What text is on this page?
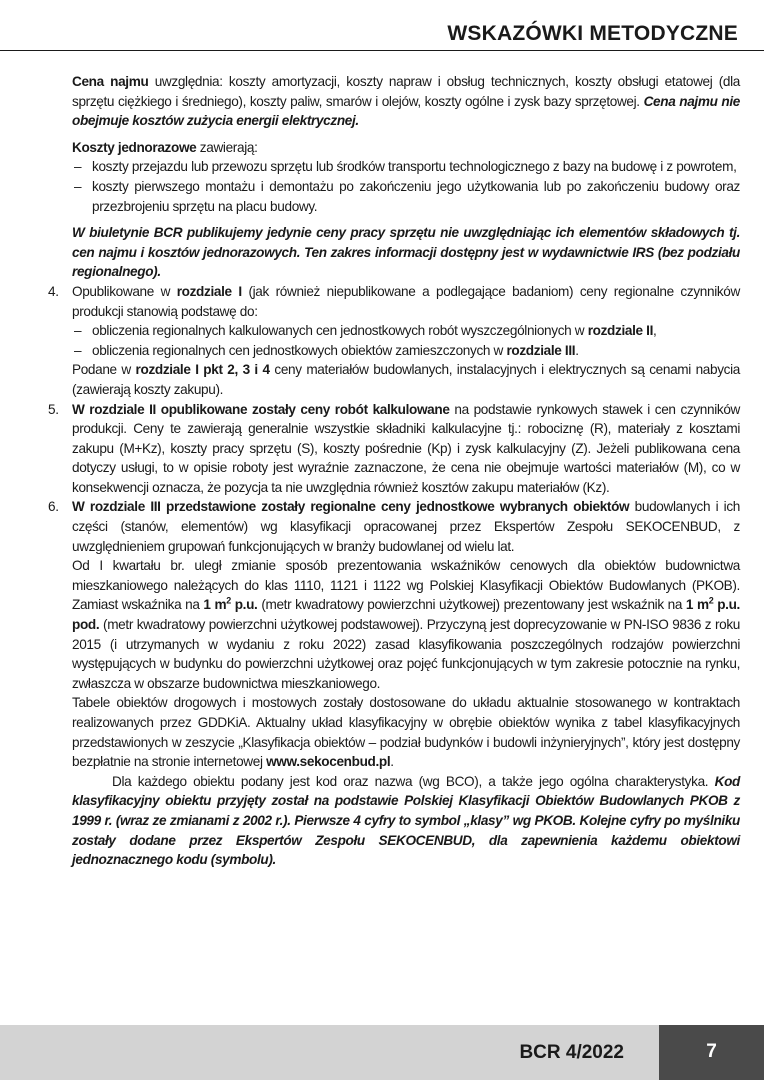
WSKAZÓWKI METODYCZNE

Cena najmu uwzględnia: koszty amortyzacji, koszty napraw i obsług technicznych, koszty obsługi etatowej (dla sprzętu ciężkiego i średniego), koszty paliw, smarów i olejów, koszty ogólne i zysk bazy sprzętowej. Cena najmu nie obejmuje kosztów zużycia energii elektrycznej.

Koszty jednorazowe zawierają:

– koszty przejazdu lub przewozu sprzętu lub środków transportu technologicznego z bazy na budowę i z powrotem,

– koszty pierwszego montażu i demontażu po zakończeniu jego użytkowania lub po zakończeniu budowy oraz przezbrojeniu sprzętu na placu budowy.

W biuletynie BCR publikujemy jedynie ceny pracy sprzętu nie uwzględniając ich elementów składowych tj. cen najmu i kosztów jednorazowych. Ten zakres informacji dostępny jest w wydawnictwie IRS (bez podziału regionalnego).

4. Opublikowane w rozdziale I (jak również niepublikowane a podlegające badaniom) ceny regionalne czynników produkcji stanowią podstawę do:

– obliczenia regionalnych kalkulowanych cen jednostkowych robót wyszczególnionych w rozdziale II,

– obliczenia regionalnych cen jednostkowych obiektów zamieszczonych w rozdziale III.

Podane w rozdziale I pkt 2, 3 i 4 ceny materiałów budowlanych, instalacyjnych i elektrycznych są cenami nabycia (zawierają koszty zakupu).

5. W rozdziale II opublikowane zostały ceny robót kalkulowane na podstawie rynkowych stawek i cen czynników produkcji. Ceny te zawierają generalnie wszystkie składniki kalkulacyjne tj.: robociznę (R), materiały z kosztami zakupu (M+Kz), koszty pracy sprzętu (S), koszty pośrednie (Kp) i zysk kalkulacyjny (Z). Jeżeli publikowana cena dotyczy usługi, to w opisie roboty jest wyraźnie zaznaczone, że cena nie obejmuje wartości materiałów (M), co w konsekwencji oznacza, że pozycja ta nie uwzględnia również kosztów zakupu materiałów (Kz).

6. W rozdziale III przedstawione zostały regionalne ceny jednostkowe wybranych obiektów budowlanych i ich części (stanów, elementów) wg klasyfikacji opracowanej przez Ekspertów Zespołu SEKOCENBUD, z uwzględnieniem grupowań funkcjonujących w branży budowlanej od wielu lat.

Od I kwartału br. uległ zmianie sposób prezentowania wskaźników cenowych dla obiektów budownictwa mieszkaniowego należących do klas 1110, 1121 i 1122 wg Polskiej Klasyfikacji Obiektów Budowlanych (PKOB). Zamiast wskaźnika na 1 $m^2$ p.u. (metr kwadratowy powierzchni użytkowej) prezentowany jest wskaźnik na 1 $m^2$ p.u. pod. (metr kwadratowy powierzchni użytkowej podstawowej). Przyczyną jest doprecyzowanie w PN-ISO 9836 z roku 2015 (i utrzymanych w wydaniu z roku 2022) zasad klasyfikowania poszczególnych rodzajów powierzchni występujących w budynku do powierzchni użytkowej oraz pojęć funkcjonujących w tym zakresie potocznie na rynku, zwłaszcza w obszarze budownictwa mieszkaniowego.

Tabele obiektów drogowych i mostowych zostały dostosowane do układu aktualnie stosowanego w kontraktach realizowanych przez GDDKiA. Aktualny układ klasyfikacyjny w obrębie obiektów wynika z tabel klasyfikacyjnych przedstawionych w zeszycie „Klasyfikacja obiektów – podział budynków i budowli inżynieryjnych”, który jest dostępny bezpłatnie na stronie internetowej www.sekocenbud.pl.

Dla każdego obiektu podany jest kod oraz nazwa (wg BCO), a także jego ogólna charakterystyka. Kod klasyfikacyjny obiektu przyjęty został na podstawie Polskiej Klasyfikacji Obiektów Budowlanych PKOB z 1999 r. (wraz ze zmianami z 2002 r.). Pierwsze 4 cyfry to symbol „klasy” wg PKOB. Kolejne cyfry po myślniku zostały dodane przez Ekspertów Zespołu SEKOCENBUD, dla zapewnienia każdemu obiektowi jednoznacznego kodu (symbolu).

BCR 4/2022	7
